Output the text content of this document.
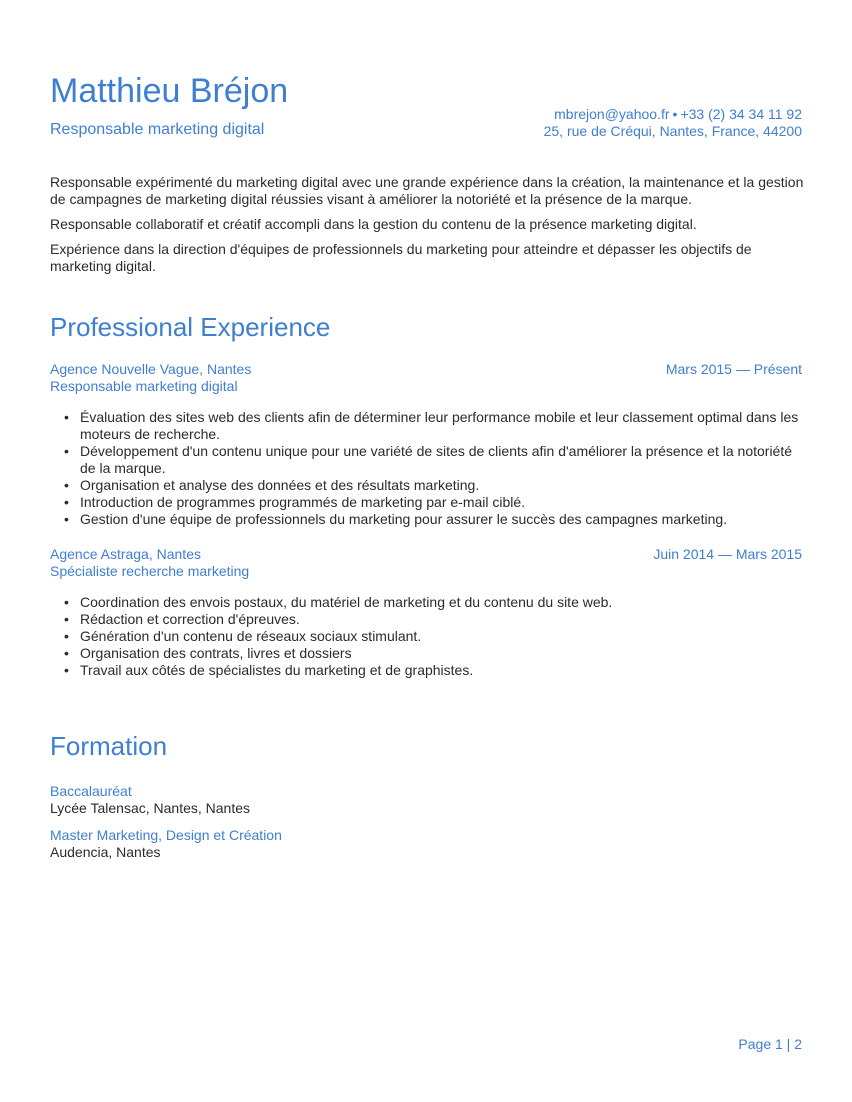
Matthieu Bréjon
Responsable marketing digital
mbrejon@yahoo.fr • +33 (2) 34 34 11 92
25, rue de Créqui, Nantes, France, 44200

Responsable expérimenté du marketing digital avec une grande expérience dans la création, la maintenance et la gestion de campagnes de marketing digital réussies visant à améliorer la notoriété et la présence de la marque.

Responsable collaboratif et créatif accompli dans la gestion du contenu de la présence marketing digital.

Expérience dans la direction d'équipes de professionnels du marketing pour atteindre et dépasser les objectifs de marketing digital.

Professional Experience
Agence Nouvelle Vague, Nantes
Responsable marketing digital
Mars 2015 — Présent
• Évaluation des sites web des clients afin de déterminer leur performance mobile et leur classement optimal dans les moteurs de recherche.
• Développement d'un contenu unique pour une variété de sites de clients afin d'améliorer la présence et la notoriété de la marque.
• Organisation et analyse des données et des résultats marketing.
• Introduction de programmes programmés de marketing par e-mail ciblé.
• Gestion d'une équipe de professionnels du marketing pour assurer le succès des campagnes marketing.
Agence Astraga, Nantes
Spécialiste recherche marketing
Juin 2014 — Mars 2015
• Coordination des envois postaux, du matériel de marketing et du contenu du site web.
• Rédaction et correction d'épreuves.
• Génération d'un contenu de réseaux sociaux stimulant.
• Organisation des contrats, livres et dossiers
• Travail aux côtés de spécialistes du marketing et de graphistes.
Formation
Baccalauréat
Lycée Talensac, Nantes, Nantes
Master Marketing, Design et Création
Audencia, Nantes
Page 1 | 2
